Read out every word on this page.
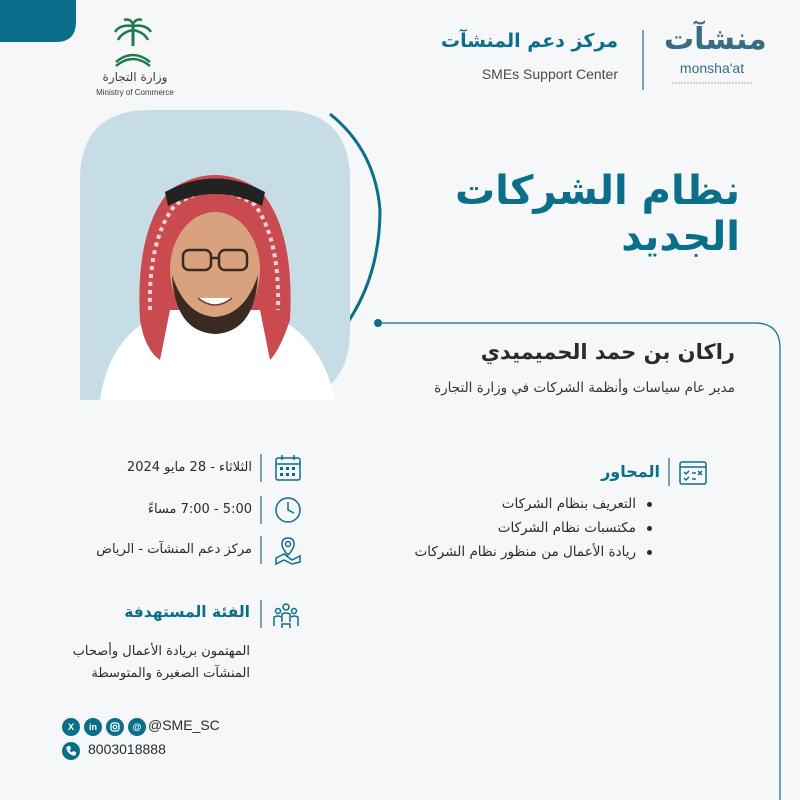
وزارة التجارة
Ministry of Commerce
مركز دعم المنشآت
SMEs Support Center
منشآت
monsha'at
نظام الشركات الجديد
راكان بن حمد الحميميدي
مدير عام سياسات وأنظمة الشركات في وزارة التجارة
المحاور
التعريف بنظام الشركات
مكتسبات نظام الشركات
ريادة الأعمال من منظور نظام الشركات
الثلاثاء - 28 مايو 2024
5:00 - 7:00 مساءً
مركز دعم المنشآت - الرياض
الفئة المستهدفة
المهتمون بريادة الأعمال وأصحاب
المنشآت الصغيرة والمتوسطة
X	in	@ @SME_SC
8003018888
